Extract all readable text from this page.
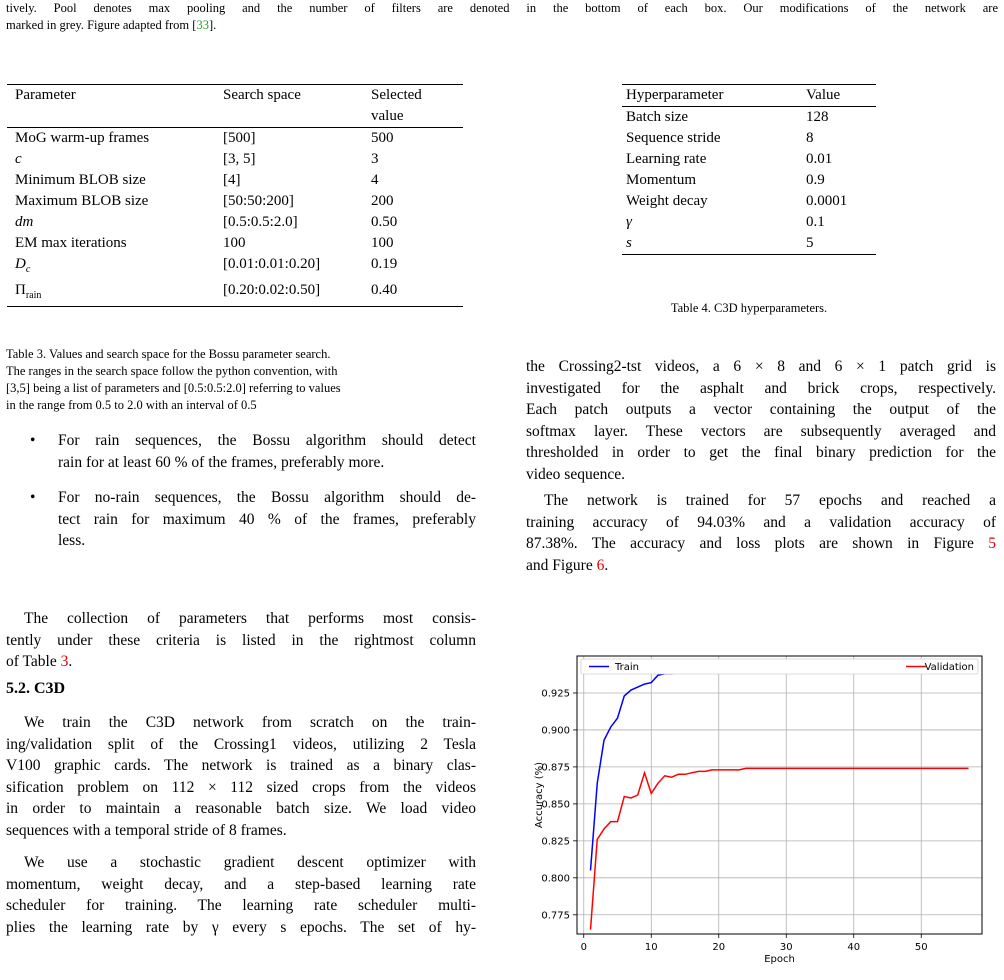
tively. Pool denotes max pooling and the number of filters are denoted in the bottom of each box. Our modifications of the network are
marked in grey. Figure adapted from [33].
Parameter	Search space	Selected
value
MoG warm-up frames	[500]	500
c	[3, 5]	3
Minimum BLOB size	[4]	4
Maximum BLOB size	[50:50:200]	200
dm	[0.5:0.5:2.0]	0.50
EM max iterations	100	100
$D_c$	[0.01:0.01:0.20]	0.19
$\Pi_{rain}$	[0.20:0.02:0.50]	0.40
Table 3. Values and search space for the Bossu parameter search.
The ranges in the search space follow the python convention, with
[3,5] being a list of parameters and [0.5:0.5:2.0] referring to values
in the range from 0.5 to 2.0 with an interval of 0.5
Hyperparameter	Value
Batch size	128
Sequence stride	8
Learning rate	0.01
Momentum	0.9
Weight decay	0.0001
γ	0.1
s	5
Table 4. C3D hyperparameters.
• For rain sequences, the Bossu algorithm should detect
rain for at least 60 % of the frames, preferably more.
• For no-rain sequences, the Bossu algorithm should de-
tect rain for maximum 40 % of the frames, preferably
less.
The collection of parameters that performs most consis-
tently under these criteria is listed in the rightmost column
of Table 3.
5.2. C3D
We train the C3D network from scratch on the train-
ing/validation split of the Crossing1 videos, utilizing 2 Tesla
V100 graphic cards. The network is trained as a binary clas-
sification problem on 112 × 112 sized crops from the videos
in order to maintain a reasonable batch size. We load video
sequences with a temporal stride of 8 frames.
We use a stochastic gradient descent optimizer with
momentum, weight decay, and a step-based learning rate
scheduler for training. The learning rate scheduler multi-
plies the learning rate by γ every s epochs. The set of hy-
the Crossing2-tst videos, a 6 × 8 and 6 × 1 patch grid is
investigated for the asphalt and brick crops, respectively.
Each patch outputs a vector containing the output of the
softmax layer. These vectors are subsequently averaged and
thresholded in order to get the final binary prediction for the
video sequence.
The network is trained for 57 epochs and reached a
training accuracy of 94.03% and a validation accuracy of
87.38%. The accuracy and loss plots are shown in Figure 5
and Figure 6.
0	10	20	30	40	50
0.775
0.800
0.825
0.850
0.875
0.900
0.925
Epoch
Accuracy (%)
Train	Validation
